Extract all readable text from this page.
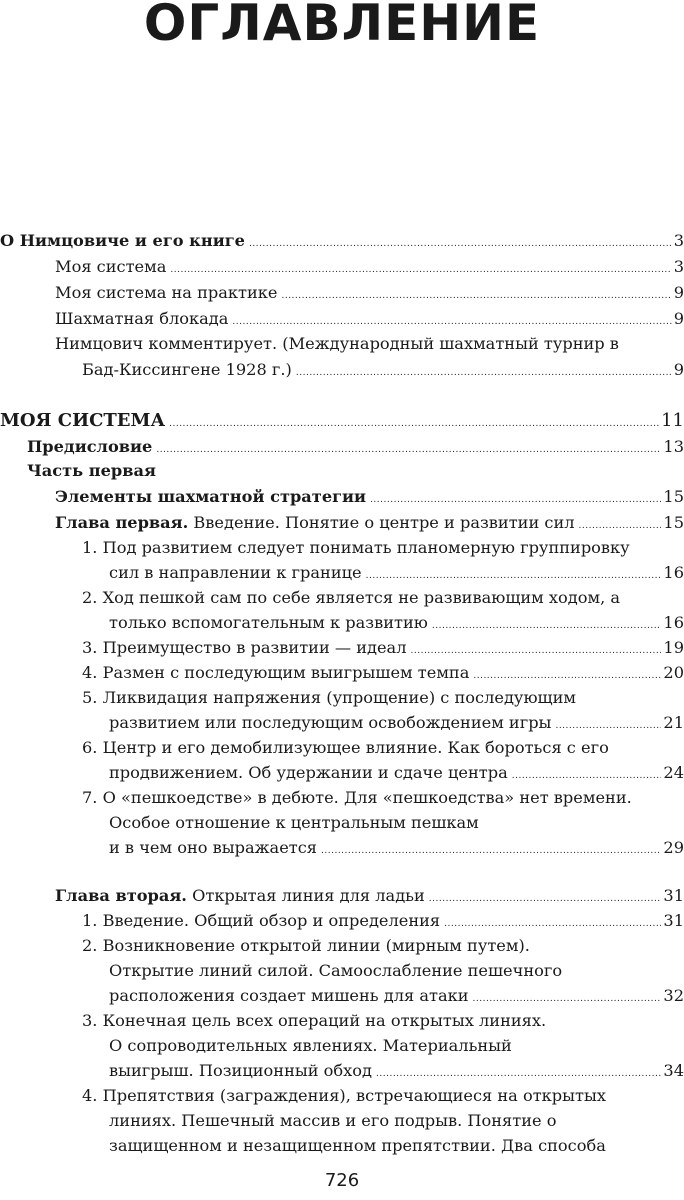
ОГЛАВЛЕНИЕ
О Нимцовиче и его книге .....	3
Моя система .....	3
Моя система на практике .....	9
Шахматная блокада .....	9
Нимцович комментирует. (Международный шахматный турнир в
Бад-Киссингене 1928 г.) .....	9
МОЯ СИСТЕМА .....	11
Предисловие .....	13
Часть первая
Элементы шахматной стратегии .....	15
Глава первая. Введение. Понятие о центре и развитии сил .....	15
1. Под развитием следует понимать планомерную группировку
сил в направлении к границе .....	16
2. Ход пешкой сам по себе является не развивающим ходом, а
только вспомогательным к развитию .....	16
3. Преимущество в развитии — идеал .....	19
4. Размен с последующим выигрышем темпа .....	20
5. Ликвидация напряжения (упрощение) с последующим
развитием или последующим освобождением игры .....	21
6. Центр и его демобилизующее влияние. Как бороться с его
продвижением. Об удержании и сдаче центра .....	24
7. О «пешкоедстве» в дебюте. Для «пешкоедства» нет времени.
Особое отношение к центральным пешкам
и в чем оно выражается .....	29
Глава вторая. Открытая линия для ладьи .....	31
1. Введение. Общий обзор и определения .....	31
2. Возникновение открытой линии (мирным путем).
Открытие линий силой. Самоослабление пешечного
расположения создает мишень для атаки .....	32
3. Конечная цель всех операций на открытых линиях.
О сопроводительных явлениях. Материальный
выигрыш. Позиционный обход .....	34
4. Препятствия (заграждения), встречающиеся на открытых
линиях. Пешечный массив и его подрыв. Понятие о
защищенном и незащищенном препятствии. Два способа
726
